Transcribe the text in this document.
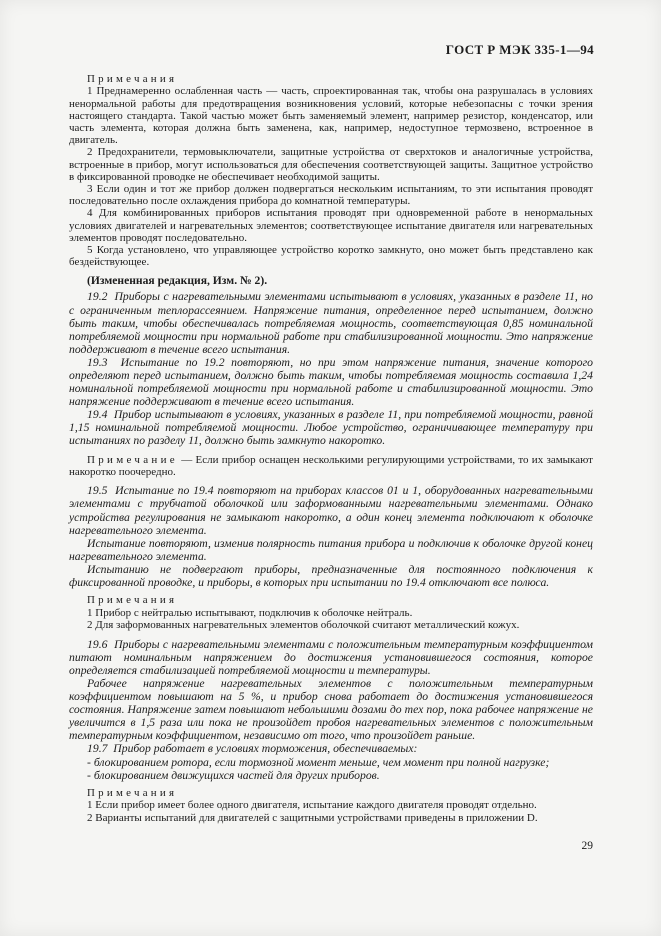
ГОСТ Р МЭК 335-1—94

Примечания

1 Преднамеренно ослабленная часть — часть, спроектированная так, чтобы она разрушалась в условиях ненормальной работы для предотвращения возникновения условий, которые небезопасны с точки зрения настоящего стандарта. Такой частью может быть заменяемый элемент, например резистор, конденсатор, или часть элемента, которая должна быть заменена, как, например, недоступное термозвено, встроенное в двигатель.

2 Предохранители, термовыключатели, защитные устройства от сверхтоков и аналогичные устройства, встроенные в прибор, могут использоваться для обеспечения соответствующей защиты. Защитное устройство в фиксированной проводке не обеспечивает необходимой защиты.

3 Если один и тот же прибор должен подвергаться нескольким испытаниям, то эти испытания проводят последовательно после охлаждения прибора до комнатной температуры.

4 Для комбинированных приборов испытания проводят при одновременной работе в ненормальных условиях двигателей и нагревательных элементов; соответствующее испытание двигателя или нагревательных элементов проводят последовательно.

5 Когда установлено, что управляющее устройство коротко замкнуто, оно может быть представлено как бездействующее.

(Измененная редакция, Изм. № 2).

19.2  Приборы с нагревательными элементами испытывают в условиях, указанных в разделе 11, но с ограниченным теплорассеянием. Напряжение питания, определенное перед испытанием, должно быть таким, чтобы обеспечивалась потребляемая мощность, соответствующая 0,85 номинальной потребляемой мощности при нормальной работе при стабилизированной мощности. Это напряжение поддерживают в течение всего испытания.

19.3  Испытание по 19.2 повторяют, но при этом напряжение питания, значение которого определяют перед испытанием, должно быть таким, чтобы потребляемая мощность составила 1,24 номинальной потребляемой мощности при нормальной работе и стабилизированной мощности. Это напряжение поддерживают в течение всего испытания.

19.4  Прибор испытывают в условиях, указанных в разделе 11, при потребляемой мощности, равной 1,15 номинальной потребляемой мощности. Любое устройство, ограничивающее температуру при испытаниях по разделу 11, должно быть замкнуто накоротко.

Примечание — Если прибор оснащен несколькими регулирующими устройствами, то их замыкают накоротко поочередно.

19.5  Испытание по 19.4 повторяют на приборах классов 01 и 1, оборудованных нагревательными элементами с трубчатой оболочкой или заформованными нагревательными элементами. Однако устройства регулирования не замыкают накоротко, а один конец элемента подключают к оболочке нагревательного элемента.

Испытание повторяют, изменив полярность питания прибора и подключив к оболочке другой конец нагревательного элемента.

Испытанию не подвергают приборы, предназначенные для постоянного подключения к фиксированной проводке, и приборы, в которых при испытании по 19.4 отключают все полюса.

Примечания

1 Прибор с нейтралью испытывают, подключив к оболочке нейтраль.

2 Для заформованных нагревательных элементов оболочкой считают металлический кожух.

19.6  Приборы с нагревательными элементами с положительным температурным коэффициентом питают номинальным напряжением до достижения установившегося состояния, которое определяется стабилизацией потребляемой мощности и температуры.

Рабочее напряжение нагревательных элементов с положительным температурным коэффициентом повышают на 5 %, и прибор снова работает до достижения установившегося состояния. Напряжение затем повышают небольшими дозами до тех пор, пока рабочее напряжение не увеличится в 1,5 раза или пока не произойдет пробоя нагревательных элементов с положительным температурным коэффициентом, независимо от того, что произойдет раньше.

19.7  Прибор работает в условиях торможения, обеспечиваемых:

- блокированием ротора, если тормозной момент меньше, чем момент при полной нагрузке;

- блокированием движущихся частей для других приборов.

Примечания

1 Если прибор имеет более одного двигателя, испытание каждого двигателя проводят отдельно.

2 Варианты испытаний для двигателей с защитными устройствами приведены в приложении D.

29
